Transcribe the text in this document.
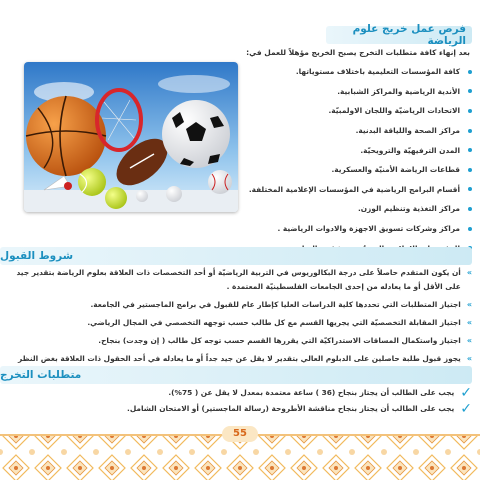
فرص عمل خريج علوم الرياضة
بعد إنهاء كافة متطلبات التخرج يصبح الخريج مؤهلاً للعمل في:
كافة المؤسسات التعليمية باختلاف مستوياتها.
الأندية الرياضية والمراكز الشبابية.
الاتحادات الرياضيّة واللجان الاولمبيّة.
مراكز الصحة واللياقة البدنية.
المدن الترفيهيّة والترويحيّة.
قطاعات الرياضة الأمنيّة والعسكرية.
أقسام البرامج الرياضية في المؤسسات الإعلامية المختلفة.
مراكز التغذية وتنظيم الوزن.
مراكز وشركات تسويق الاجهزة والادوات الرياضية .
شروط القبول
»
أن يكون المتقدم حاصلاً على درجة البكالوريوس في التربية الرياضيّة أو أحد التخصصات ذات العلاقة بعلوم الرياضة بتقدير جيد على الأقل أو ما يعادله من إحدى الجامعات الفلسطينيّة المعتمدة .
»
اجتياز المتطلبات التي تحددها كلية الدراسات العليا كإطار عام للقبول في برامج الماجستير في الجامعة.
»
اجتياز المقابلة التخصصيّة التي يجريها القسم مع كل طالب حسب توجهه التخصصي في المجال الرياضي.
»
اجتياز واستكمال المساقات الاستدراكيّة التي يقررها القسم حسب توجه كل طالب ( إن وجدت) بنجاح.
»
يجوز قبول طلبة حاصلين على الدبلوم العالي بتقدير لا يقل عن جيد جداً أو ما يعادله في أحد الحقول ذات العلاقة بغض النظر
متطلبات التخرج
✓
يجب على الطالب أن يجتاز بنجاح (36 ) ساعة معتمدة بمعدل لا يقل عن ( 75%).
✓
يجب على الطالب أن يجتاز بنجاح مناقشة الأطروحة (رسالة الماجستير) أو الامتحان الشامل.
55
